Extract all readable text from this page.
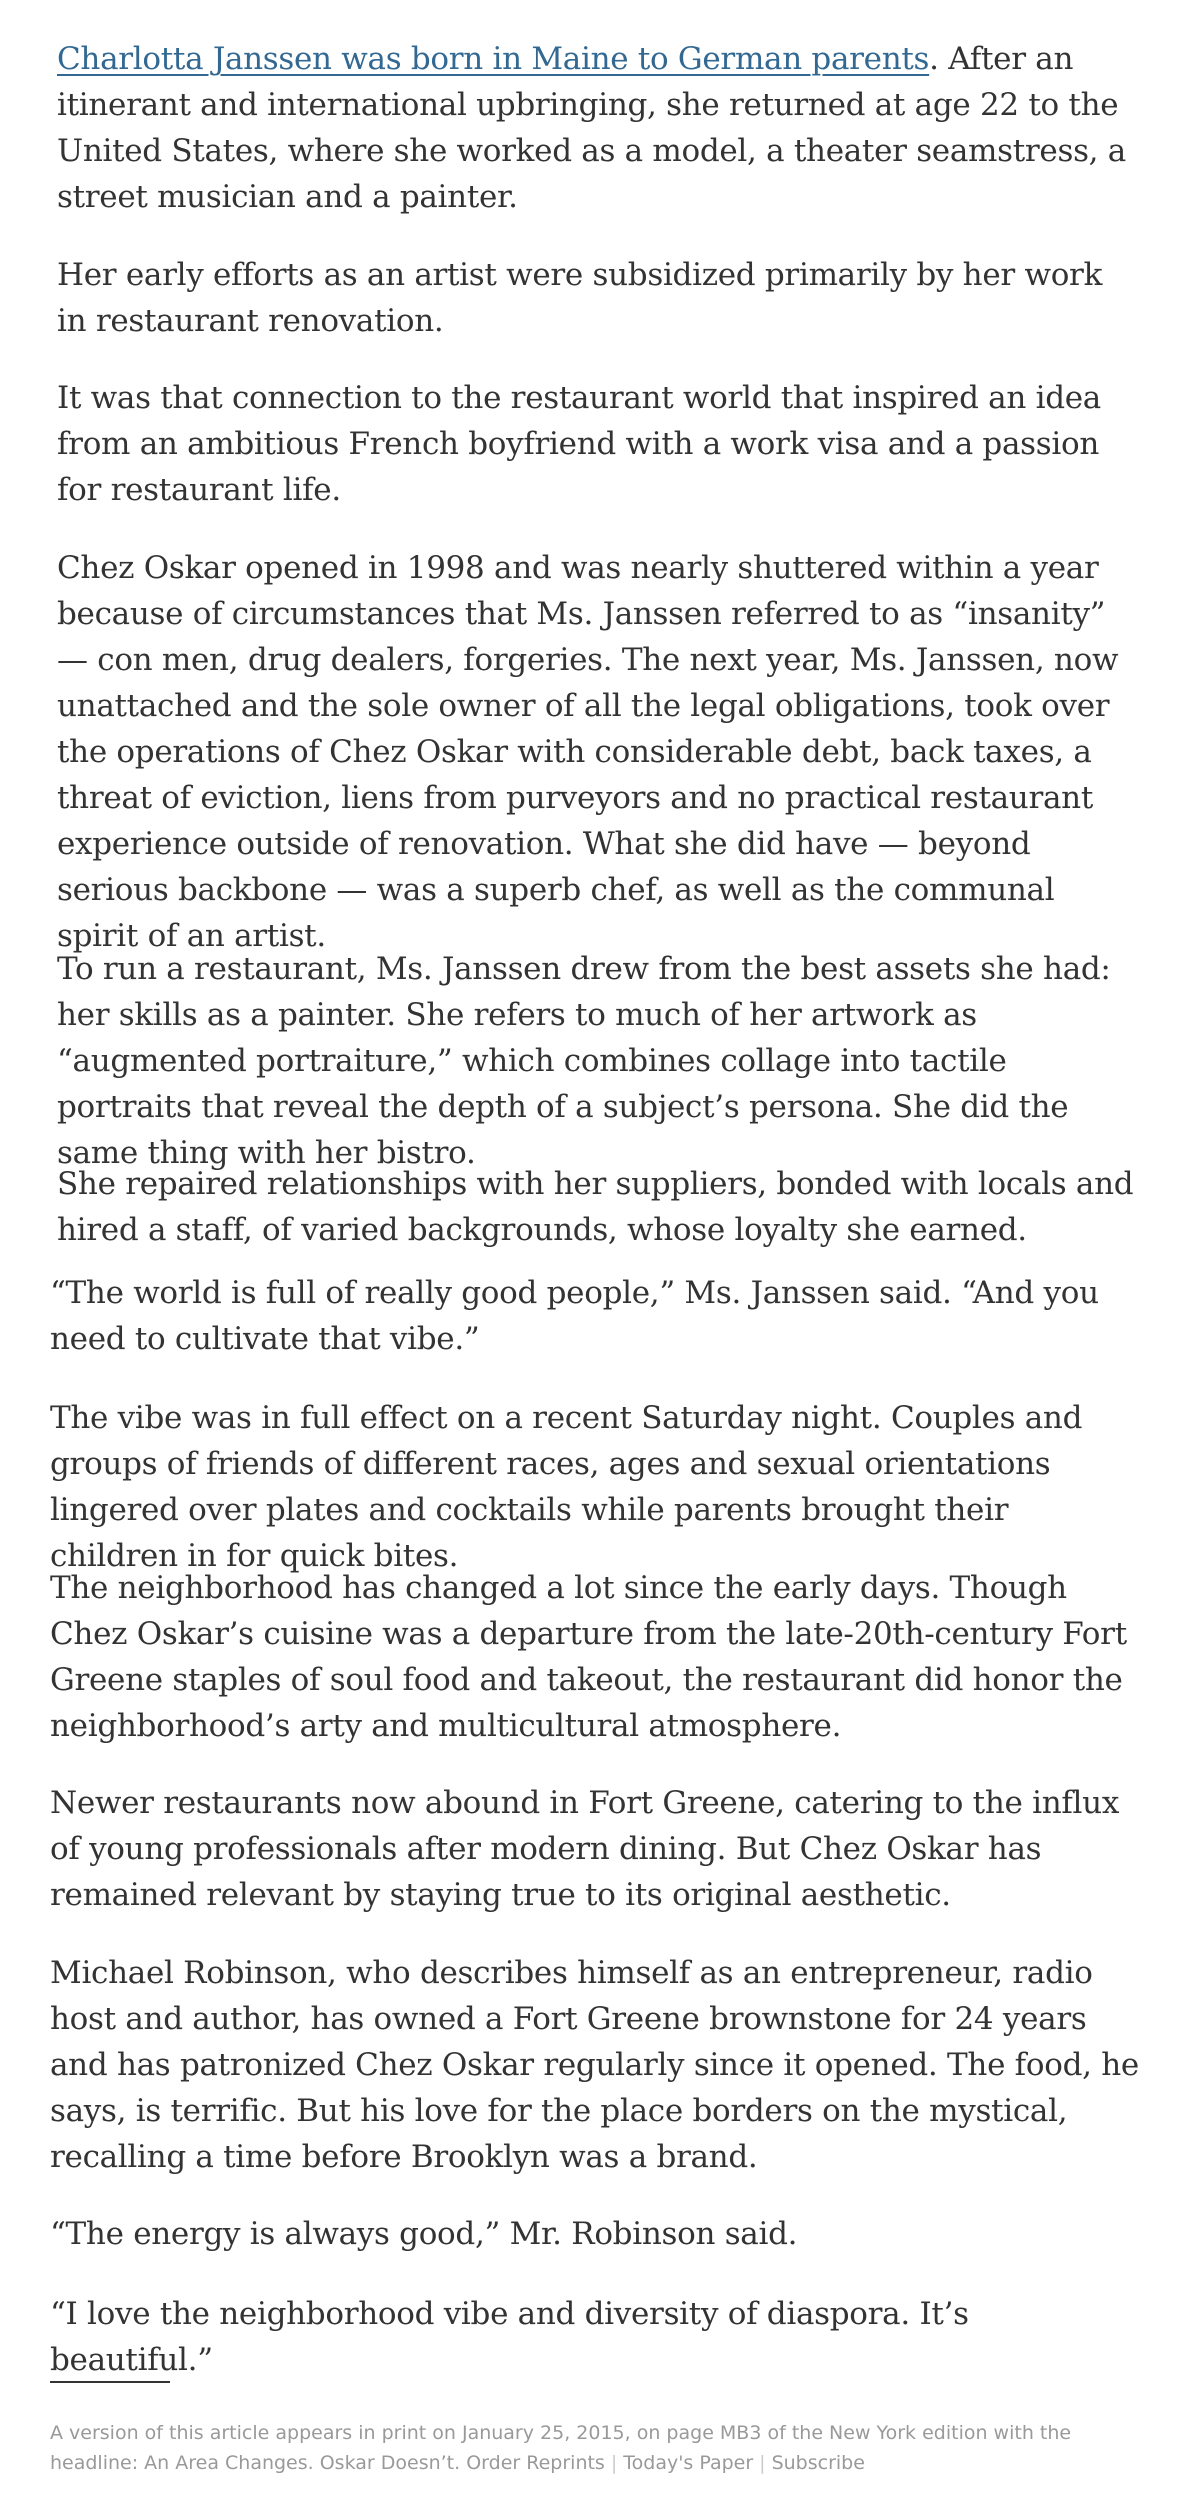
Charlotta Janssen was born in Maine to German parents. After an itinerant and international upbringing, she returned at age 22 to the United States, where she worked as a model, a theater seamstress, a street musician and a painter.

Her early efforts as an artist were subsidized primarily by her work in restaurant renovation.

It was that connection to the restaurant world that inspired an idea from an ambitious French boyfriend with a work visa and a passion for restaurant life.

Chez Oskar opened in 1998 and was nearly shuttered within a year because of circumstances that Ms. Janssen referred to as “insanity” — con men, drug dealers, forgeries. The next year, Ms. Janssen, now unattached and the sole owner of all the legal obligations, took over the operations of Chez Oskar with considerable debt, back taxes, a threat of eviction, liens from purveyors and no practical restaurant experience outside of renovation. What she did have — beyond serious backbone — was a superb chef, as well as the communal spirit of an artist.

To run a restaurant, Ms. Janssen drew from the best assets she had: her skills as a painter. She refers to much of her artwork as “augmented portraiture,” which combines collage into tactile portraits that reveal the depth of a subject’s persona. She did the same thing with her bistro.

She repaired relationships with her suppliers, bonded with locals and hired a staff, of varied backgrounds, whose loyalty she earned.

“The world is full of really good people,” Ms. Janssen said. “And you need to cultivate that vibe.”

The vibe was in full effect on a recent Saturday night. Couples and groups of friends of different races, ages and sexual orientations lingered over plates and cocktails while parents brought their children in for quick bites.

The neighborhood has changed a lot since the early days. Though Chez Oskar’s cuisine was a departure from the late-20th-century Fort Greene staples of soul food and takeout, the restaurant did honor the neighborhood’s arty and multicultural atmosphere.

Newer restaurants now abound in Fort Greene, catering to the influx of young professionals after modern dining. But Chez Oskar has remained relevant by staying true to its original aesthetic.

Michael Robinson, who describes himself as an entrepreneur, radio host and author, has owned a Fort Greene brownstone for 24 years and has patronized Chez Oskar regularly since it opened. The food, he says, is terrific. But his love for the place borders on the mystical, recalling a time before Brooklyn was a brand.

“The energy is always good,” Mr. Robinson said.

“I love the neighborhood vibe and diversity of diaspora. It’s beautiful.”

A version of this article appears in print on January 25, 2015, on page MB3 of the New York edition with the headline: An Area Changes. Oskar Doesn’t. Order Reprints | Today's Paper | Subscribe
